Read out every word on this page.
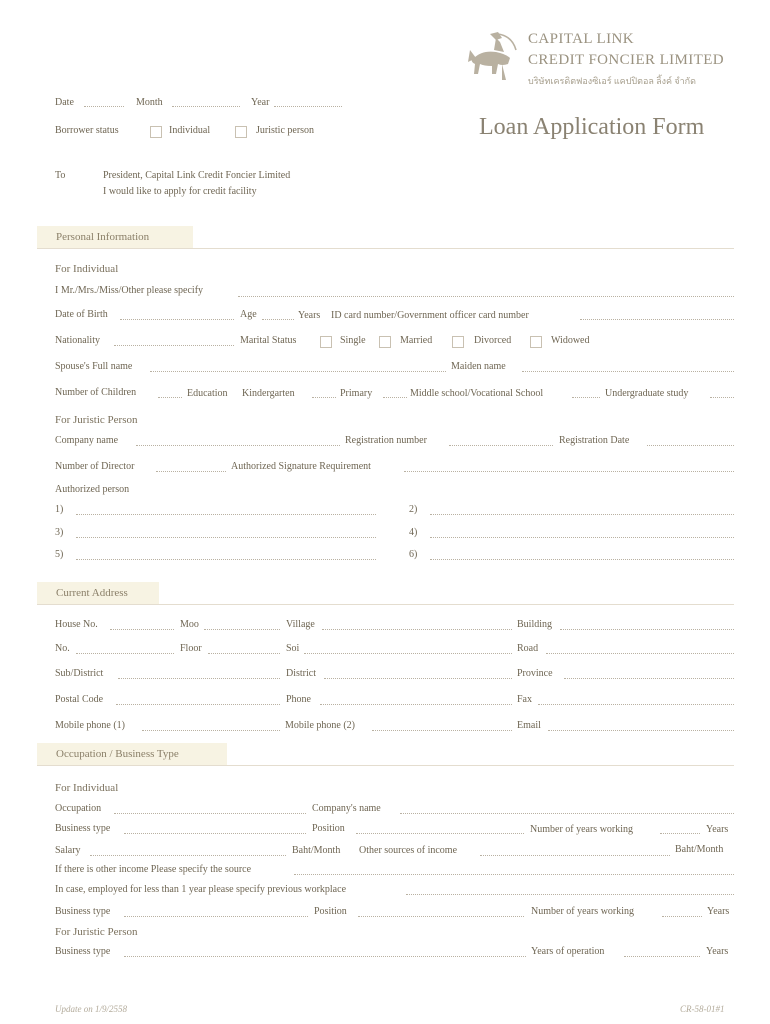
CAPITAL LINK
CREDIT FONCIER LIMITED
บริษัทเครดิตฟองซิเอร์ แคปปิตอล ลิ้งค์ จำกัด
Date	Month	Year
Borrower status	Individual	Juristic person	Loan Application Form
To	President, Capital Link Credit Foncier Limited
I would like to apply for credit facility
Personal Information
For Individual
I Mr./Mrs./Miss/Other please specify
Date of Birth	Age	Years ID card number/Government officer card number
Nationality	Marital Status	Single	Married	Divorced	Widowed
Spouse's Full name	Maiden name
Number of Children	Education Kindergarten	Primary	Middle school/Vocational School	Undergraduate study
For Juristic Person
Company name	Registration number	Registration Date
Number of Director	Authorized Signature Requirement
Authorized person
1)	2)
3)	4)
5)	6)
Current Address
House No.	Moo	Village	Building
No.	Floor	Soi	Road
Sub/District	District	Province
Postal Code	Phone	Fax
Mobile phone (1)	Mobile phone (2)	Email
Occupation / Business Type
For Individual
Occupation	Company's name
Business type	Position	Number of years working	Years
Salary	Baht/Month Other sources of income	Baht/Month
If there is other income Please specify the source
In case, employed for less than 1 year please specify previous workplace
Business type	Position	Number of years working	Years
For Juristic Person
Business type	Years of operation	Years
Update on 1/9/2558	CR-58-01#1
